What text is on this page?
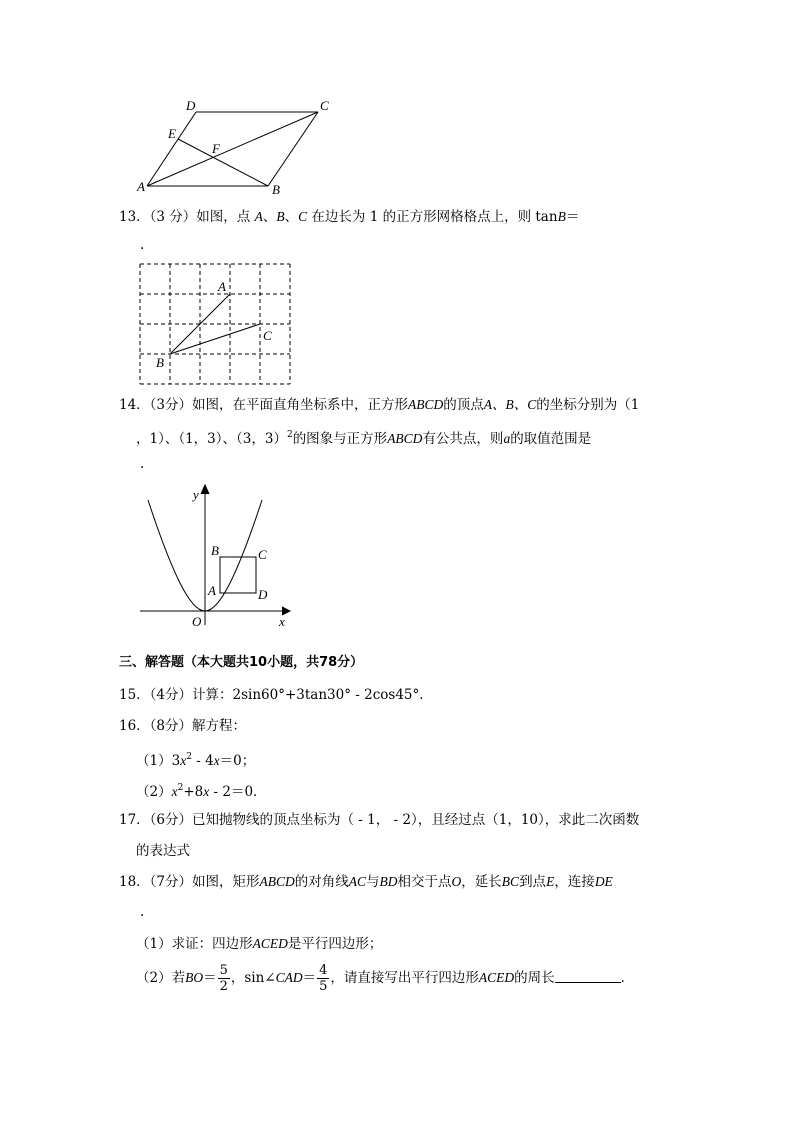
D	C
E
F
A	B
13．（3 分）如图，点 A、B、C 在边长为 1 的正方形网格格点上，则 tanB＝
.
A
C
B
14．（3分）如图，在平面直角坐标系中，正方形ABCD的顶点A、B、C的坐标分别为（1
，1）、（1，3）、（3，3）$^2$的图象与正方形ABCD有公共点，则a的取值范围是
.
y
B	C
A	D
O	x
三、解答题（本大题共10小题，共78分）
15．（4分）计算：2sin60°+3tan30° - 2cos45°．
16．（8分）解方程：
$(1)3x^2 - 4x=0$；
$(2)x^2+8x - 2=0$．
17．（6分）已知抛物线的顶点坐标为（ - 1， - 2），且经过点（1，10），求此二次函数
的表达式
18．（7分）如图，矩形ABCD的对角线AC与BD相交于点O，延长BC到点E，连接DE
.
（1）求证：四边形ACED是平行四边形；
（2）若$BO= \frac{5}{2}$ ，sin∠CAD＝ $\frac{4}{5}$ ，请直接写出平行四边形ACED的周长	．
